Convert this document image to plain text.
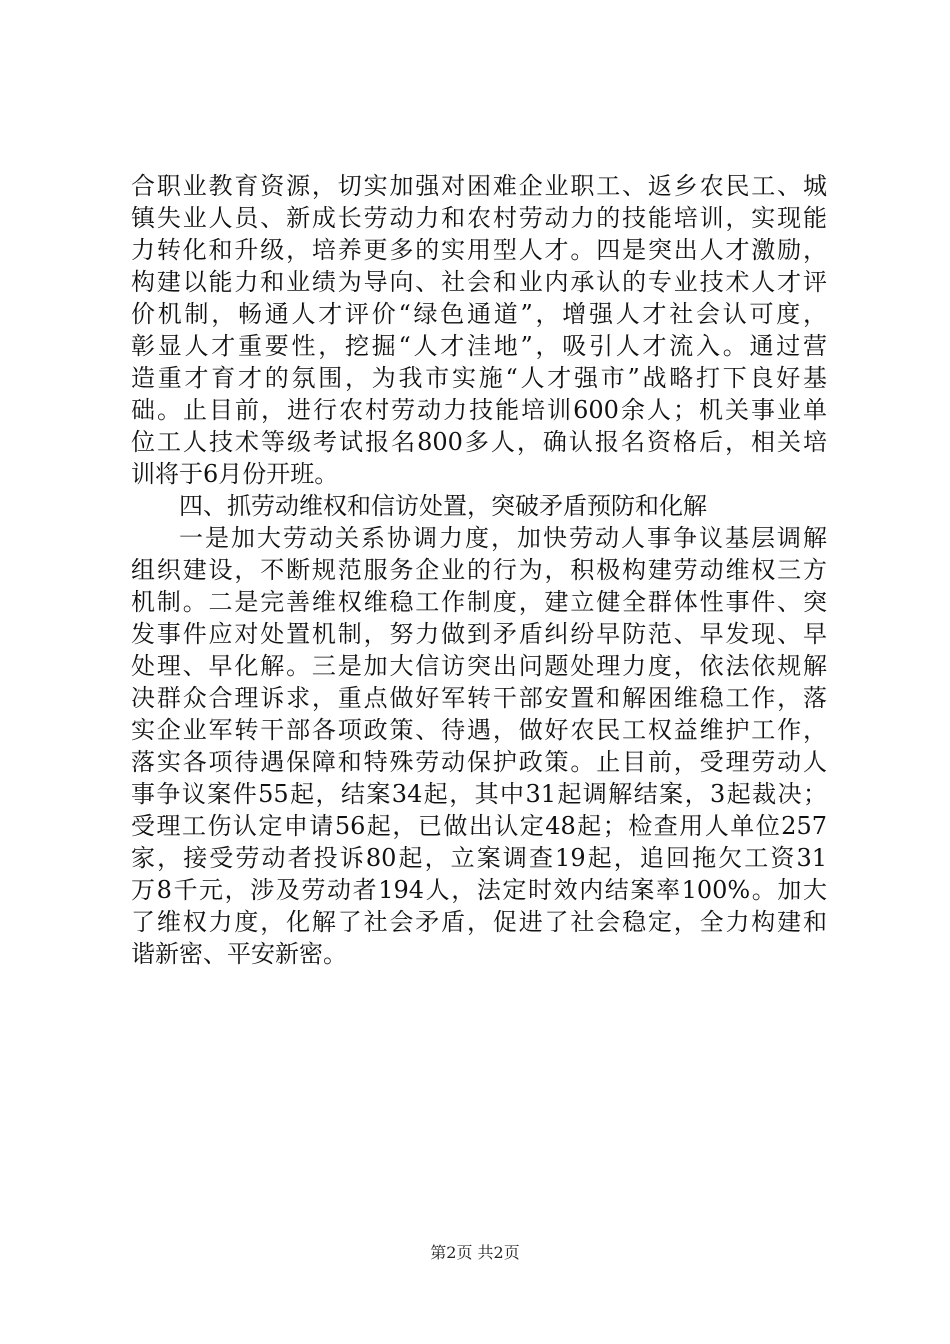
合职业教育资源，切实加强对困难企业职工、返乡农民工、城
镇失业人员、新成长劳动力和农村劳动力的技能培训，实现能
力转化和升级，培养更多的实用型人才。四是突出人才激励，
构建以能力和业绩为导向、社会和业内承认的专业技术人才评
价机制，畅通人才评价“绿色通道”，增强人才社会认可度，
彰显人才重要性，挖掘“人才洼地”，吸引人才流入。通过营
造重才育才的氛围，为我市实施“人才强市”战略打下良好基
础。止目前，进行农村劳动力技能培训600余人；机关事业单
位工人技术等级考试报名800多人，确认报名资格后，相关培
训将于6月份开班。
四、抓劳动维权和信访处置，突破矛盾预防和化解
一是加大劳动关系协调力度，加快劳动人事争议基层调解
组织建设，不断规范服务企业的行为，积极构建劳动维权三方
机制。二是完善维权维稳工作制度，建立健全群体性事件、突
发事件应对处置机制，努力做到矛盾纠纷早防范、早发现、早
处理、早化解。三是加大信访突出问题处理力度，依法依规解
决群众合理诉求，重点做好军转干部安置和解困维稳工作，落
实企业军转干部各项政策、待遇，做好农民工权益维护工作，
落实各项待遇保障和特殊劳动保护政策。止目前，受理劳动人
事争议案件55起，结案34起，其中31起调解结案，3起裁决；
受理工伤认定申请56起，已做出认定48起；检查用人单位257
家，接受劳动者投诉80起，立案调查19起，追回拖欠工资31
万8千元，涉及劳动者194人，法定时效内结案率100%。加大
了维权力度，化解了社会矛盾，促进了社会稳定，全力构建和
谐新密、平安新密。
第2页 共2页
